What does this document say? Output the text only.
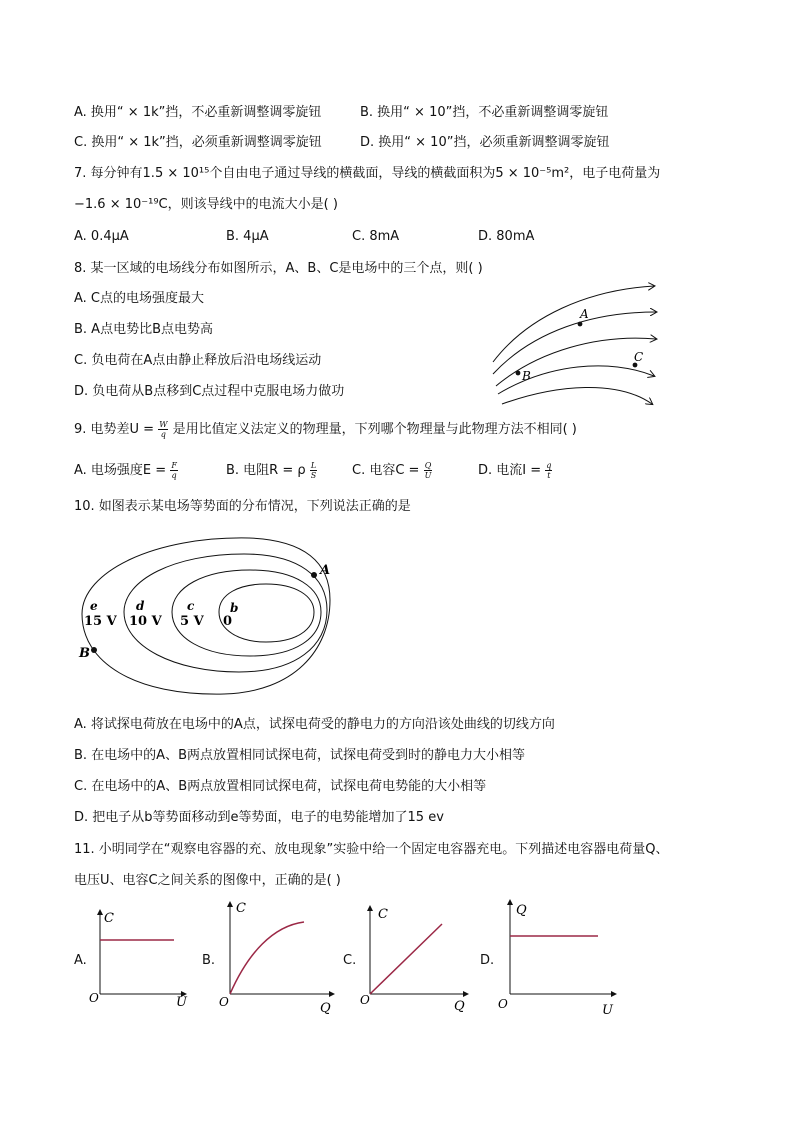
A. 换用“ × 1k”挡，不必重新调整调零旋钮	B. 换用“ × 10”挡，不必重新调整调零旋钮
C. 换用“ × 1k”挡，必须重新调整调零旋钮	D. 换用“ × 10”挡，必须重新调整调零旋钮
7. 每分钟有1.5 × 10¹⁵个自由电子通过导线的横截面，导线的横截面积为5 × 10⁻⁵m²，电子电荷量为
−1.6 × 10⁻¹⁹C，则该导线中的电流大小是( )
A. 0.4μA	B. 4μA	C. 8mA	D. 80mA
8. 某一区域的电场线分布如图所示，A、B、C是电场中的三个点，则( )
A. C点的电场强度最大
B. A点电势比B点电势高
C. 负电荷在A点由静止释放后沿电场线运动
D. 负电荷从B点移到C点过程中克服电场力做功
A
B
C
9. 电势差$U = \frac{W}{q}$ 是用比值定义法定义的物理量，下列哪个物理量与此物理方法不相同( )
A. 电场强度$E = \frac{F}{q}$	B. 电阻R = ρ $\frac{L}{S}$	C. 电容$C = \frac{Q}{U}$	D. 电流$I = \frac{q}{t}$
10. 如图表示某电场等势面的分布情况，下列说法正确的是
e
15 V
d
10 V
c
5 V
b
0
A
B
A. 将试探电荷放在电场中的A点，试探电荷受的静电力的方向沿该处曲线的切线方向
B. 在电场中的A、B两点放置相同试探电荷，试探电荷受到时的静电力大小相等
C. 在电场中的A、B两点放置相同试探电荷，试探电荷电势能的大小相等
D. 把电子从b等势面移动到e等势面，电子的电势能增加了15 ev
11. 小明同学在“观察电容器的充、放电现象”实验中给一个固定电容器充电。下列描述电容器电荷量Q、
电压U、电容C之间关系的图像中，正确的是( )
A.
C
U
O
B.
C
Q
O
C.
C
Q
O
D.
Q
U
O
